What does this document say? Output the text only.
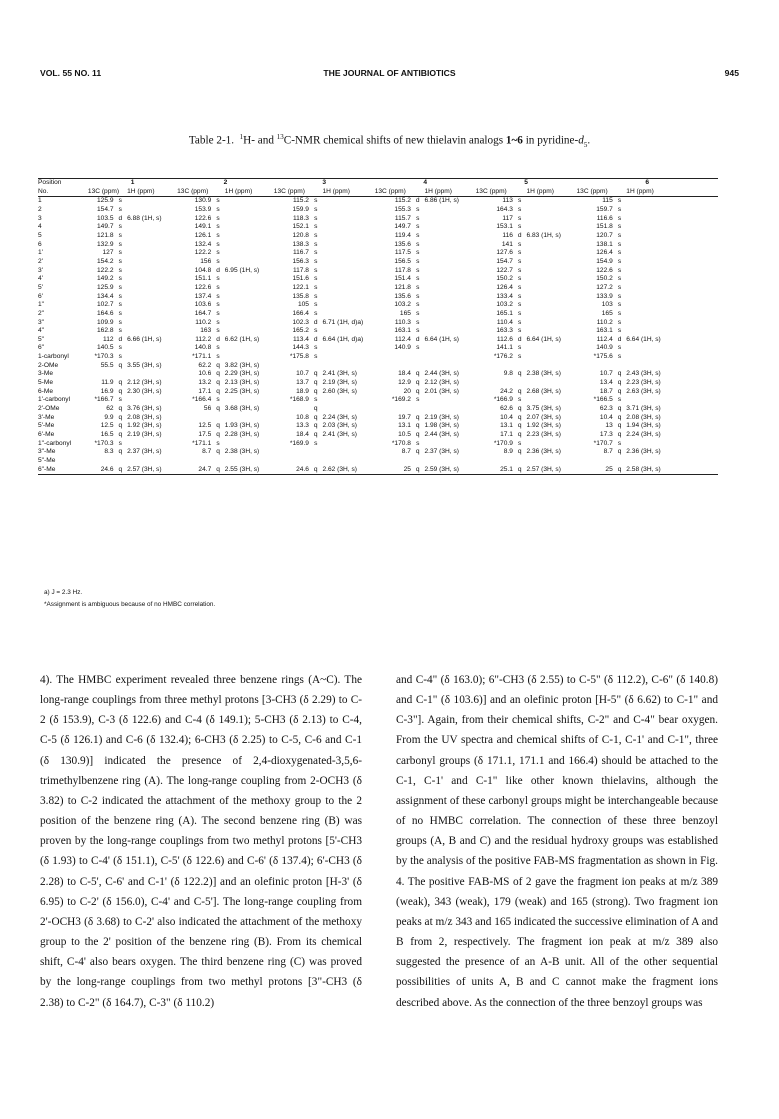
VOL. 55 NO. 11	THE JOURNAL OF ANTIBIOTICS	945
Table 2-1. $^1$H- and $^{13}$C-NMR chemical shifts of new thielavin analogs 1~6 in pyridine-$d_5$.
Position	1			2			3			4			5			6		
No.	13C (ppm)		1H (ppm)	13C (ppm)		1H (ppm)	13C (ppm)		1H (ppm)	13C (ppm)		1H (ppm)	13C (ppm)		1H (ppm)	13C (ppm)		1H (ppm)
1	125.9	s		130.9	s		115.2	s		115.2	d	6.86 (1H, s)	113	s		115	s	
2	154.7	s		153.9	s		159.9	s		155.3	s		164.3	s		159.7	s	
3	103.5	d	6.88 (1H, s)	122.6	s		118.3	s		115.7	s		117	s		116.6	s	
4	149.7	s		149.1	s		152.1	s		149.7	s		153.1	s		151.8	s	
5	121.8	s		126.1	s		120.8	s		119.4	s		116	d	6.83 (1H, s)	120.7	s	
6	132.9	s		132.4	s		138.3	s		135.6	s		141	s		138.1	s	
1'	127	s		122.2	s		116.7	s		117.5	s		127.6	s		126.4	s	
2'	154.2	s		156	s		156.3	s		156.5	s		154.7	s		154.9	s	
3'	122.2	s		104.8	d	6.95 (1H, s)	117.8	s		117.8	s		122.7	s		122.6	s	
4'	149.2	s		151.1	s		151.6	s		151.4	s		150.2	s		150.2	s	
5'	125.9	s		122.6	s		122.1	s		121.8	s		126.4	s		127.2	s	
6'	134.4	s		137.4	s		135.8	s		135.6	s		133.4	s		133.9	s	
1"	102.7	s		103.6	s		105	s		103.2	s		103.2	s		103	s	
2"	164.6	s		164.7	s		166.4	s		165	s		165.1	s		165	s	
3"	109.9	s		110.2	s		102.3	d	6.71 (1H, d)a)	110.3	s		110.4	s		110.2	s	
4"	162.8	s		163	s		165.2	s		163.1	s		163.3	s		163.1	s	
5"	112	d	6.66 (1H, s)	112.2	d	6.62 (1H, s)	113.4	d	6.64 (1H, d)a)	112.4	d	6.64 (1H, s)	112.6	d	6.64 (1H, s)	112.4	d	6.64 (1H, s)
6"	140.5	s		140.8	s		144.3	s		140.9	s		141.1	s		140.9	s	
1-carbonyl	*170.3	s		*171.1	s		*175.8	s					*176.2	s		*175.6	s	
2-OMe	55.5	q	3.55 (3H, s)	62.2	q	3.82 (3H, s)												
3-Me				10.6	q	2.29 (3H, s)	10.7	q	2.41 (3H, s)	18.4	q	2.44 (3H, s)	9.8	q	2.38 (3H, s)	10.7	q	2.43 (3H, s)
5-Me	11.9	q	2.12 (3H, s)	13.2	q	2.13 (3H, s)	13.7	q	2.19 (3H, s)	12.9	q	2.12 (3H, s)				13.4	q	2.23 (3H, s)
6-Me	16.9	q	2.30 (3H, s)	17.1	q	2.25 (3H, s)	18.9	q	2.60 (3H, s)	20	q	2.01 (3H, s)	24.2	q	2.68 (3H, s)	18.7	q	2.63 (3H, s)
1'-carbonyl	*166.7	s		*166.4	s		*168.9	s		*169.2	s		*166.9	s		*166.5	s	
2'-OMe	62	q	3.76 (3H, s)	56	q	3.68 (3H, s)		q					62.6	q	3.75 (3H, s)	62.3	q	3.71 (3H, s)
3'-Me	9.9	q	2.08 (3H, s)				10.8	q	2.24 (3H, s)	19.7	q	2.19 (3H, s)	10.4	q	2.07 (3H, s)	10.4	q	2.08 (3H, s)
5'-Me	12.5	q	1.92 (3H, s)	12.5	q	1.93 (3H, s)	13.3	q	2.03 (3H, s)	13.1	q	1.98 (3H, s)	13.1	q	1.92 (3H, s)	13	q	1.94 (3H, s)
6'-Me	16.5	q	2.19 (3H, s)	17.5	q	2.28 (3H, s)	18.4	q	2.41 (3H, s)	10.5	q	2.44 (3H, s)	17.1	q	2.23 (3H, s)	17.3	q	2.24 (3H, s)
1"-carbonyl	*170.3	s		*171.1	s		*169.9	s		*170.8	s		*170.9	s		*170.7	s	
3"-Me	8.3	q	2.37 (3H, s)	8.7	q	2.38 (3H, s)				8.7	q	2.37 (3H, s)	8.9	q	2.36 (3H, s)	8.7	q	2.36 (3H, s)
5"-Me																		
6"-Me	24.6	q	2.57 (3H, s)	24.7	q	2.55 (3H, s)	24.6	q	2.62 (3H, s)	25	q	2.59 (3H, s)	25.1	q	2.57 (3H, s)	25	q	2.58 (3H, s)
a) J = 2.3 Hz.
*Assignment is ambiguous because of no HMBC correlation.

4). The HMBC experiment revealed three benzene rings (A~C). The long-range couplings from three methyl protons [3-CH3 (δ 2.29) to C-2 (δ 153.9), C-3 (δ 122.6) and C-4 (δ 149.1); 5-CH3 (δ 2.13) to C-4, C-5 (δ 126.1) and C-6 (δ 132.4); 6-CH3 (δ 2.25) to C-5, C-6 and C-1 (δ 130.9)] indicated the presence of 2,4-dioxygenated-3,5,6-trimethylbenzene ring (A). The long-range coupling from 2-OCH3 (δ 3.82) to C-2 indicated the attachment of the methoxy group to the 2 position of the benzene ring (A). The second benzene ring (B) was proven by the long-range couplings from two methyl protons [5'-CH3 (δ 1.93) to C-4' (δ 151.1), C-5' (δ 122.6) and C-6' (δ 137.4); 6'-CH3 (δ 2.28) to C-5', C-6' and C-1' (δ 122.2)] and an olefinic proton [H-3' (δ 6.95) to C-2' (δ 156.0), C-4' and C-5']. The long-range coupling from 2'-OCH3 (δ 3.68) to C-2' also indicated the attachment of the methoxy group to the 2' position of the benzene ring (B). From its chemical shift, C-4' also bears oxygen. The third benzene ring (C) was proved by the long-range couplings from two methyl protons [3"-CH3 (δ 2.38) to C-2" (δ 164.7), C-3" (δ 110.2)

and C-4" (δ 163.0); 6"-CH3 (δ 2.55) to C-5" (δ 112.2), C-6" (δ 140.8) and C-1" (δ 103.6)] and an olefinic proton [H-5" (δ 6.62) to C-1" and C-3"]. Again, from their chemical shifts, C-2" and C-4" bear oxygen. From the UV spectra and chemical shifts of C-1, C-1' and C-1", three carbonyl groups (δ 171.1, 171.1 and 166.4) should be attached to the C-1, C-1' and C-1" like other known thielavins, although the assignment of these carbonyl groups might be interchangeable because of no HMBC correlation. The connection of these three benzoyl groups (A, B and C) and the residual hydroxy groups was established by the analysis of the positive FAB-MS fragmentation as shown in Fig. 4. The positive FAB-MS of 2 gave the fragment ion peaks at m/z 389 (weak), 343 (weak), 179 (weak) and 165 (strong). Two fragment ion peaks at m/z 343 and 165 indicated the successive elimination of A and B from 2, respectively. The fragment ion peak at m/z 389 also suggested the presence of an A-B unit. All of the other sequential possibilities of units A, B and C cannot make the fragment ions described above. As the connection of the three benzoyl groups was
